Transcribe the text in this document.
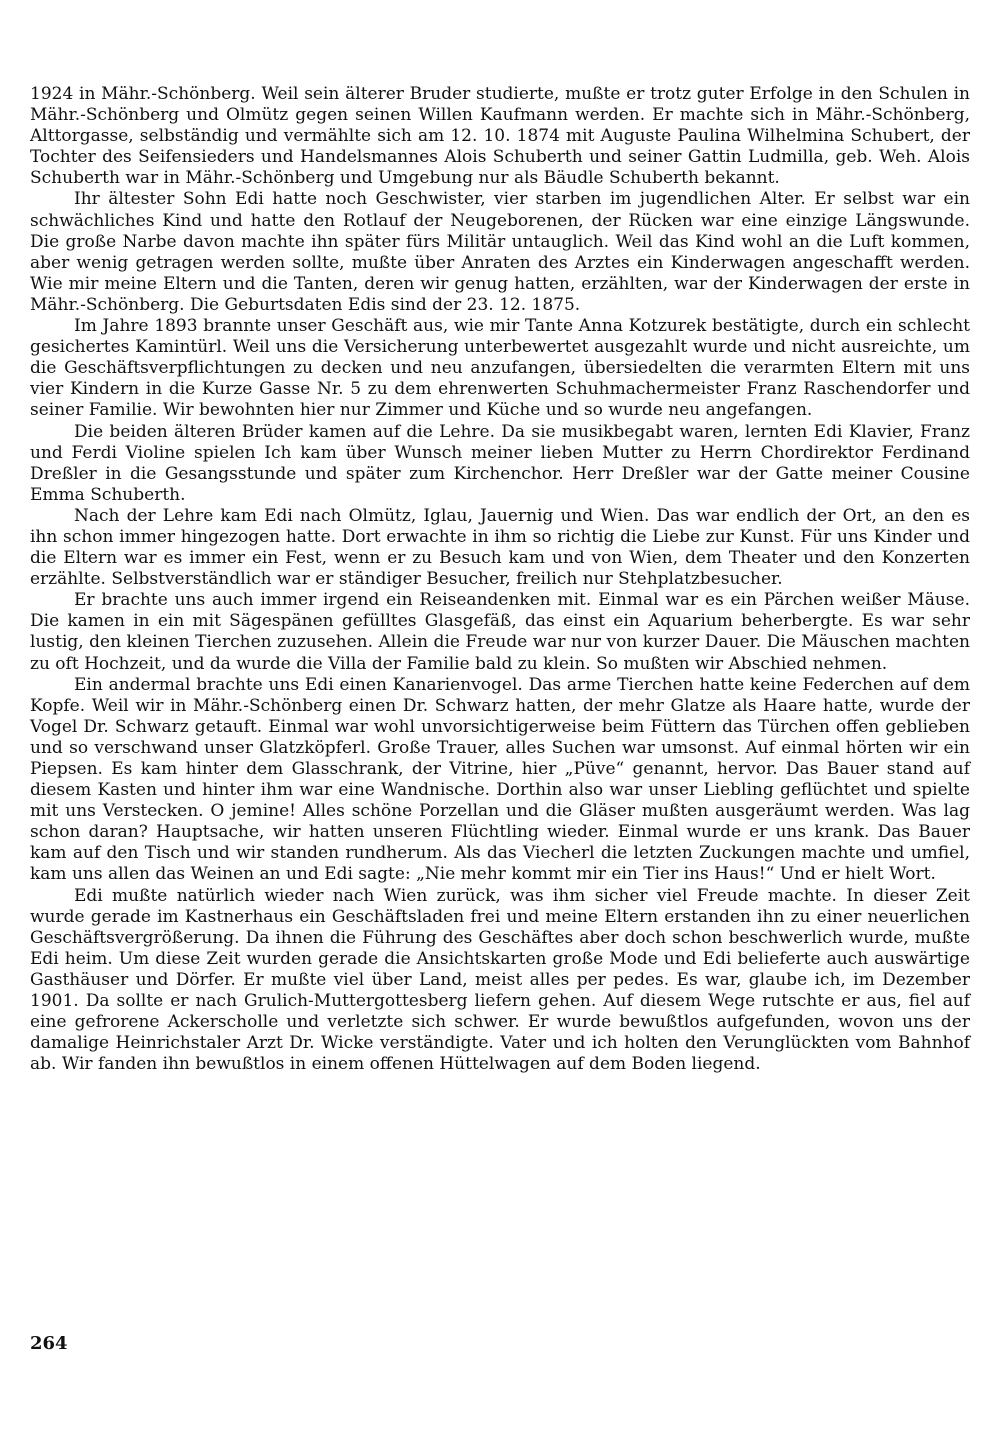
1924 in Mähr.-Schönberg. Weil sein älterer Bruder studierte, mußte er trotz guter Erfolge in den Schulen in Mähr.-Schönberg und Olmütz gegen seinen Willen Kaufmann werden. Er machte sich in Mähr.-Schönberg, Alttorgasse, selbständig und vermählte sich am 12. 10. 1874 mit Auguste Paulina Wilhelmina Schubert, der Tochter des Seifensieders und Handelsmannes Alois Schuberth und seiner Gattin Ludmilla, geb. Weh. Alois Schuberth war in Mähr.-Schönberg und Umgebung nur als Bäudle Schuberth bekannt.

Ihr ältester Sohn Edi hatte noch Geschwister, vier starben im jugendlichen Alter. Er selbst war ein schwächliches Kind und hatte den Rotlauf der Neugeborenen, der Rücken war eine einzige Längswunde. Die große Narbe davon machte ihn später fürs Militär untauglich. Weil das Kind wohl an die Luft kommen, aber wenig getragen werden sollte, mußte über Anraten des Arztes ein Kinderwagen angeschafft werden. Wie mir meine Eltern und die Tanten, deren wir genug hatten, erzählten, war der Kinderwagen der erste in Mähr.-Schönberg. Die Geburtsdaten Edis sind der 23. 12. 1875.

Im Jahre 1893 brannte unser Geschäft aus, wie mir Tante Anna Kotzurek bestätigte, durch ein schlecht gesichertes Kamintürl. Weil uns die Versicherung unterbewertet ausgezahlt wurde und nicht ausreichte, um die Geschäftsverpflichtungen zu decken und neu anzufangen, übersiedelten die verarmten Eltern mit uns vier Kindern in die Kurze Gasse Nr. 5 zu dem ehrenwerten Schuhmachermeister Franz Raschendorfer und seiner Familie. Wir bewohnten hier nur Zimmer und Küche und so wurde neu angefangen.

Die beiden älteren Brüder kamen auf die Lehre. Da sie musikbegabt waren, lernten Edi Klavier, Franz und Ferdi Violine spielen Ich kam über Wunsch meiner lieben Mutter zu Herrn Chordirektor Ferdinand Dreßler in die Gesangsstunde und später zum Kirchenchor. Herr Dreßler war der Gatte meiner Cousine Emma Schuberth.

Nach der Lehre kam Edi nach Olmütz, Iglau, Jauernig und Wien. Das war endlich der Ort, an den es ihn schon immer hingezogen hatte. Dort erwachte in ihm so richtig die Liebe zur Kunst. Für uns Kinder und die Eltern war es immer ein Fest, wenn er zu Besuch kam und von Wien, dem Theater und den Konzerten erzählte. Selbstverständlich war er ständiger Besucher, freilich nur Stehplatzbesucher.

Er brachte uns auch immer irgend ein Reiseandenken mit. Einmal war es ein Pärchen weißer Mäuse. Die kamen in ein mit Sägespänen gefülltes Glasgefäß, das einst ein Aquarium beherbergte. Es war sehr lustig, den kleinen Tierchen zuzusehen. Allein die Freude war nur von kurzer Dauer. Die Mäuschen machten zu oft Hochzeit, und da wurde die Villa der Familie bald zu klein. So mußten wir Abschied nehmen.

Ein andermal brachte uns Edi einen Kanarienvogel. Das arme Tierchen hatte keine Federchen auf dem Kopfe. Weil wir in Mähr.-Schönberg einen Dr. Schwarz hatten, der mehr Glatze als Haare hatte, wurde der Vogel Dr. Schwarz getauft. Einmal war wohl unvorsichtigerweise beim Füttern das Türchen offen geblieben und so verschwand unser Glatzköpferl. Große Trauer, alles Suchen war umsonst. Auf einmal hörten wir ein Piepsen. Es kam hinter dem Glasschrank, der Vitrine, hier „Püve“ genannt, hervor. Das Bauer stand auf diesem Kasten und hinter ihm war eine Wandnische. Dorthin also war unser Liebling geflüchtet und spielte mit uns Verstecken. O jemine! Alles schöne Porzellan und die Gläser mußten ausgeräumt werden. Was lag schon daran? Hauptsache, wir hatten unseren Flüchtling wieder. Einmal wurde er uns krank. Das Bauer kam auf den Tisch und wir standen rundherum. Als das Viecherl die letzten Zuckungen machte und umfiel, kam uns allen das Weinen an und Edi sagte: „Nie mehr kommt mir ein Tier ins Haus!“ Und er hielt Wort.

Edi mußte natürlich wieder nach Wien zurück, was ihm sicher viel Freude machte. In dieser Zeit wurde gerade im Kastnerhaus ein Geschäftsladen frei und meine Eltern erstanden ihn zu einer neuerlichen Geschäftsvergrößerung. Da ihnen die Führung des Geschäftes aber doch schon beschwerlich wurde, mußte Edi heim. Um diese Zeit wurden gerade die Ansichtskarten große Mode und Edi belieferte auch auswärtige Gasthäuser und Dörfer. Er mußte viel über Land, meist alles per pedes. Es war, glaube ich, im Dezember 1901. Da sollte er nach Grulich-Muttergottesberg liefern gehen. Auf diesem Wege rutschte er aus, fiel auf eine gefrorene Ackerscholle und verletzte sich schwer. Er wurde bewußtlos aufgefunden, wovon uns der damalige Heinrichstaler Arzt Dr. Wicke verständigte. Vater und ich holten den Verunglückten vom Bahnhof ab. Wir fanden ihn bewußtlos in einem offenen Hüttelwagen auf dem Boden liegend.

264
